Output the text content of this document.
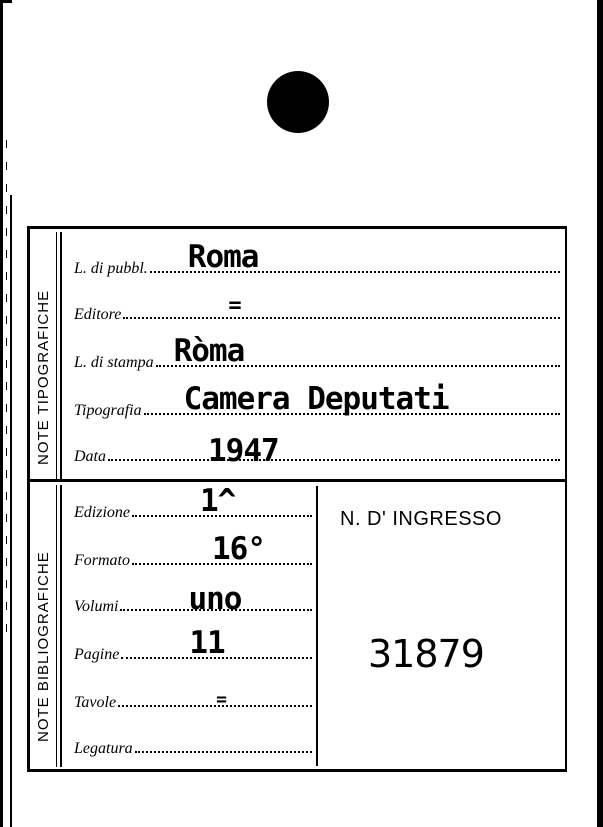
NOTE TIPOGRAFICHE
L. di pubbl. Roma
Editore	=
L. di stampa Ròma
Tipografia Camera Deputati
Data	1947
NOTE BIBLIOGRAFICHE
Edizione 1^
Formato	16°
Volumi uno
Pagine 11
Tavole	=
Legatura
N. D' INGRESSO
31879
